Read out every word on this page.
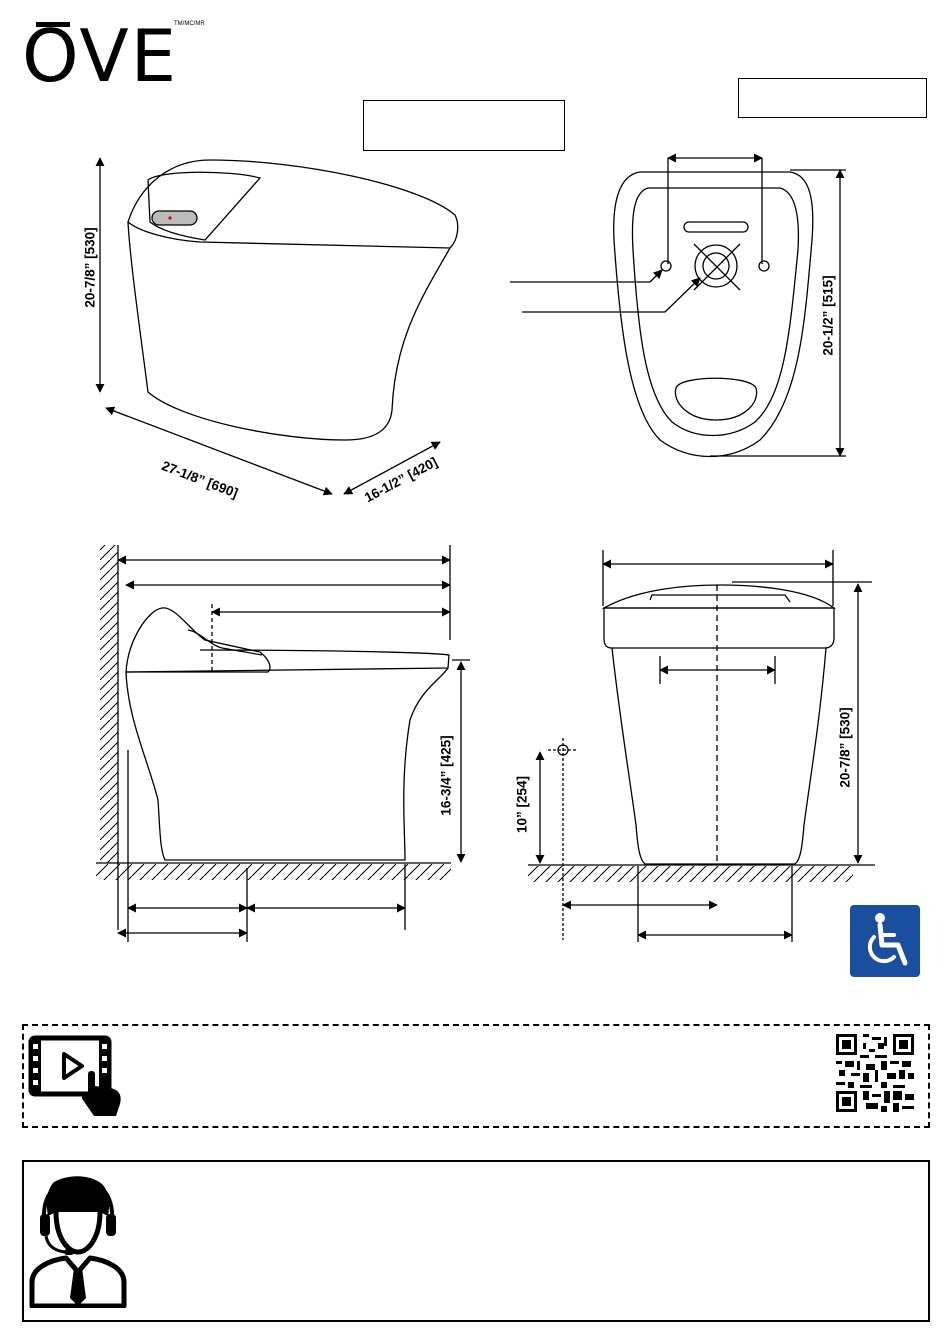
OVE
TM/MC/MR
20-7/8” [530]
27-1/8” [690]	16-1/2” [420]
20-1/2” [515]
16-3/4” [425]	10” [254]
20-7/8” [530]
